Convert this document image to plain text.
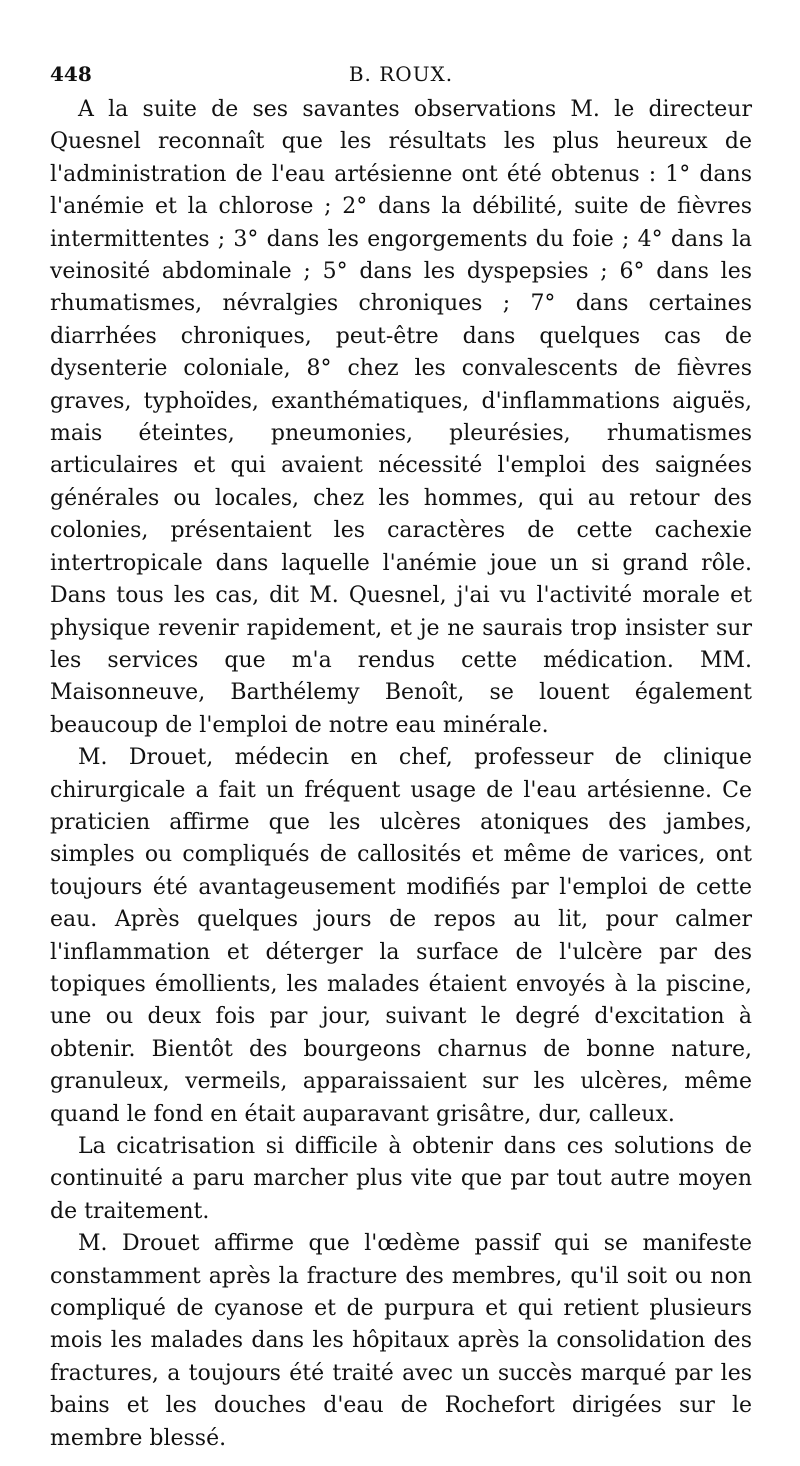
448	B. ROUX.

A la suite de ses savantes observations M. le directeur Quesnel reconnaît que les résultats les plus heureux de l'administration de l'eau artésienne ont été obtenus : 1° dans l'anémie et la chlorose ; 2° dans la débilité, suite de fièvres intermittentes ; 3° dans les engorgements du foie ; 4° dans la veinosité abdominale ; 5° dans les dyspepsies ; 6° dans les rhumatismes, névralgies chroniques ; 7° dans certaines diarrhées chroniques, peut-être dans quelques cas de dysenterie coloniale, 8° chez les convalescents de fièvres graves, typhoïdes, exanthématiques, d'inflammations aiguës, mais éteintes, pneumonies, pleurésies, rhumatismes articulaires et qui avaient nécessité l'emploi des saignées générales ou locales, chez les hommes, qui au retour des colonies, présentaient les caractères de cette cachexie intertropicale dans laquelle l'anémie joue un si grand rôle. Dans tous les cas, dit M. Quesnel, j'ai vu l'activité morale et physique revenir rapidement, et je ne saurais trop insister sur les services que m'a rendus cette médication. MM. Maisonneuve, Barthélemy Benoît, se louent également beaucoup de l'emploi de notre eau minérale.

M. Drouet, médecin en chef, professeur de clinique chirurgicale a fait un fréquent usage de l'eau artésienne. Ce praticien affirme que les ulcères atoniques des jambes, simples ou compliqués de callosités et même de varices, ont toujours été avantageusement modifiés par l'emploi de cette eau. Après quelques jours de repos au lit, pour calmer l'inflammation et déterger la surface de l'ulcère par des topiques émollients, les malades étaient envoyés à la piscine, une ou deux fois par jour, suivant le degré d'excitation à obtenir. Bientôt des bourgeons charnus de bonne nature, granuleux, vermeils, apparaissaient sur les ulcères, même quand le fond en était auparavant grisâtre, dur, calleux.

La cicatrisation si difficile à obtenir dans ces solutions de continuité a paru marcher plus vite que par tout autre moyen de traitement.

M. Drouet affirme que l'œdème passif qui se manifeste constamment après la fracture des membres, qu'il soit ou non compliqué de cyanose et de purpura et qui retient plusieurs mois les malades dans les hôpitaux après la consolidation des fractures, a toujours été traité avec un succès marqué par les bains et les douches d'eau de Rochefort dirigées sur le membre blessé.
